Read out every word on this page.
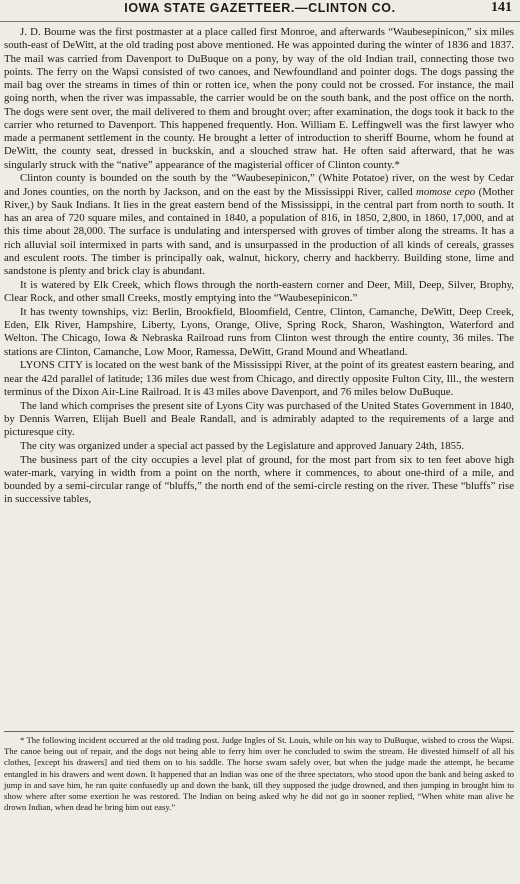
IOWA STATE GAZETTEER.—CLINTON CO.	141

J. D. Bourne was the first postmaster at a place called first Monroe, and afterwards “Waubesepinicon,” six miles south-east of DeWitt, at the old trading post above mentioned. He was appointed during the winter of 1836 and 1837. The mail was carried from Davenport to DuBuque on a pony, by way of the old Indian trail, connecting those two points. The ferry on the Wapsi consisted of two canoes, and Newfoundland and pointer dogs. The dogs passing the mail bag over the streams in times of thin or rotten ice, when the pony could not be crossed. For instance, the mail going north, when the river was impassable, the carrier would be on the south bank, and the post office on the north. The dogs were sent over, the mail delivered to them and brought over; after examination, the dogs took it back to the carrier who returned to Davenport. This happened frequently. Hon. William E. Leffingwell was the first lawyer who made a permanent settlement in the county. He brought a letter of introduction to sheriff Bourne, whom he found at DeWitt, the county seat, dressed in buckskin, and a slouched straw hat. He often said afterward, that he was singularly struck with the “native” appearance of the magisterial officer of Clinton county.*

Clinton county is bounded on the south by the “Waubesepinicon,” (White Potatoe) river, on the west by Cedar and Jones counties, on the north by Jackson, and on the east by the Mississippi River, called momose cepo (Mother River,) by Sauk Indians. It lies in the great eastern bend of the Mississippi, in the central part from north to south. It has an area of 720 square miles, and contained in 1840, a population of 816, in 1850, 2,800, in 1860, 17,000, and at this time about 28,000. The surface is undulating and interspersed with groves of timber along the streams. It has a rich alluvial soil intermixed in parts with sand, and is unsurpassed in the production of all kinds of cereals, grasses and esculent roots. The timber is principally oak, walnut, hickory, cherry and hackberry. Building stone, lime and sandstone is plenty and brick clay is abundant.

It is watered by Elk Creek, which flows through the north-eastern corner and Deer, Mill, Deep, Silver, Brophy, Clear Rock, and other small Creeks, mostly emptying into the “Waubesepinicon.”

It has twenty townships, viz: Berlin, Brookfield, Bloomfield, Centre, Clinton, Camanche, DeWitt, Deep Creek, Eden, Elk River, Hampshire, Liberty, Lyons, Orange, Olive, Spring Rock, Sharon, Washington, Waterford and Welton. The Chicago, Iowa & Nebraska Railroad runs from Clinton west through the entire county, 36 miles. The stations are Clinton, Camanche, Low Moor, Ramessa, DeWitt, Grand Mound and Wheatland.

LYONS CITY is located on the west bank of the Mississippi River, at the point of its greatest eastern bearing, and near the 42d parallel of latitude; 136 miles due west from Chicago, and directly opposite Fulton City, Ill., the western terminus of the Dixon Air-Line Railroad. It is 43 miles above Davenport, and 76 miles below DuBuque.

The land which comprises the present site of Lyons City was purchased of the United States Government in 1840, by Dennis Warren, Elijah Buell and Beale Randall, and is admirably adapted to the requirements of a large and picturesque city.

The city was organized under a special act passed by the Legislature and approved January 24th, 1855.

The business part of the city occupies a level plat of ground, for the most part from six to ten feet above high water-mark, varying in width from a point on the north, where it commences, to about one-third of a mile, and bounded by a semi-circular range of “bluffs,” the north end of the semi-circle resting on the river. These “bluffs” rise in successive tables,

* The following incident occurred at the old trading post. Judge Ingles of St. Louis, while on his way to DuBuque, wished to cross the Wapsi. The canoe being out of repair, and the dogs not being able to ferry him over he concluded to swim the stream. He divested himself of all his clothes, [except his drawers] and tied them on to his saddle. The horse swam safely over, but when the judge made the attempt, he became entangled in his drawers and went down. It happened that an Indian was one of the three spectators, who stood upon the bank and being asked to jump in and save him, he ran quite confusedly up and down the bank, till they supposed the judge drowned, and then jumping in brought him to show where after some exertion he was restored. The Indian on being asked why he did not go in sooner replied, “When white man alive he drown Indian, when dead he bring him out easy.”
